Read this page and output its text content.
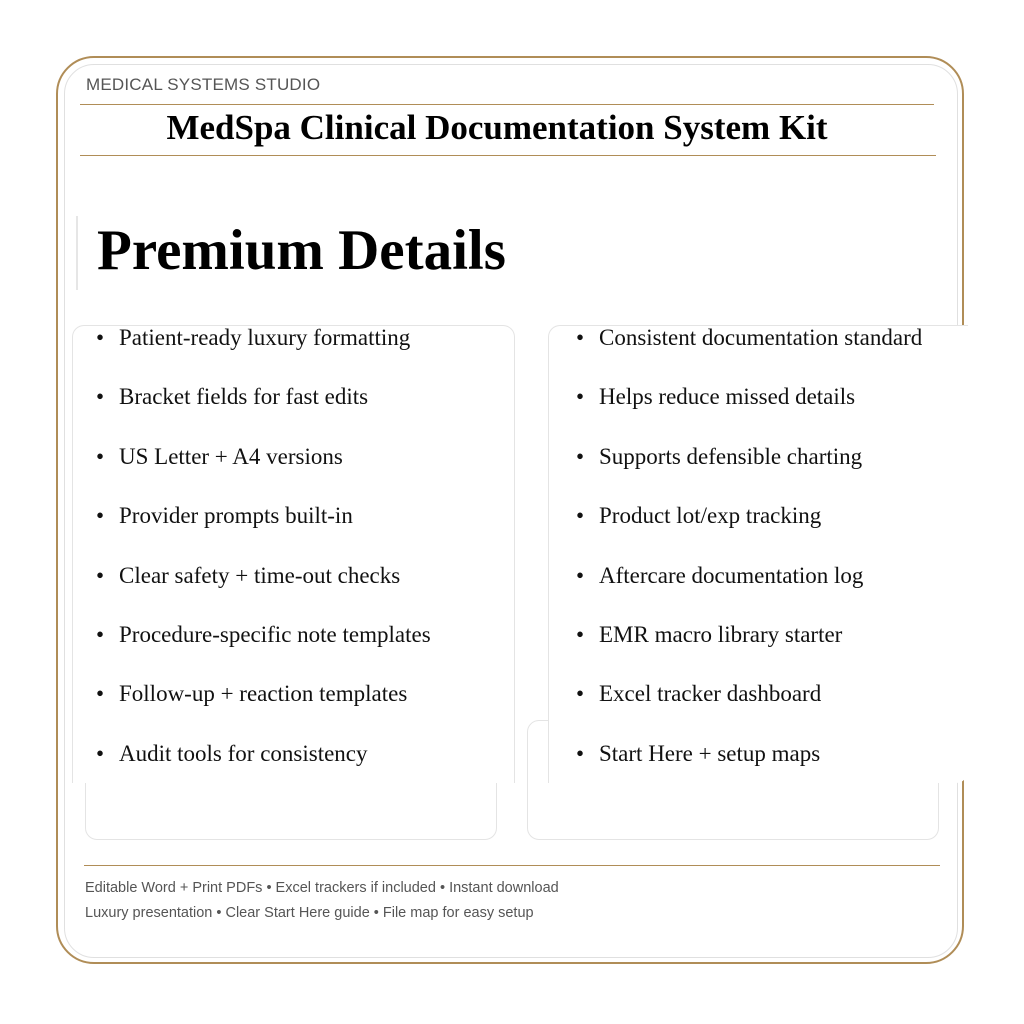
MEDICAL SYSTEMS STUDIO
MedSpa Clinical Documentation System Kit
Premium Details
• Patient-ready luxury formatting
• Bracket fields for fast edits
• US Letter + A4 versions
• Provider prompts built-in
• Clear safety + time-out checks
• Procedure-specific note templates
• Follow-up + reaction templates
• Audit tools for consistency
• Consistent documentation standard
• Helps reduce missed details
• Supports defensible charting
• Product lot/exp tracking
• Aftercare documentation log
• EMR macro library starter
• Excel tracker dashboard
• Start Here + setup maps
Editable Word + Print PDFs • Excel trackers if included • Instant download
Luxury presentation • Clear Start Here guide • File map for easy setup
